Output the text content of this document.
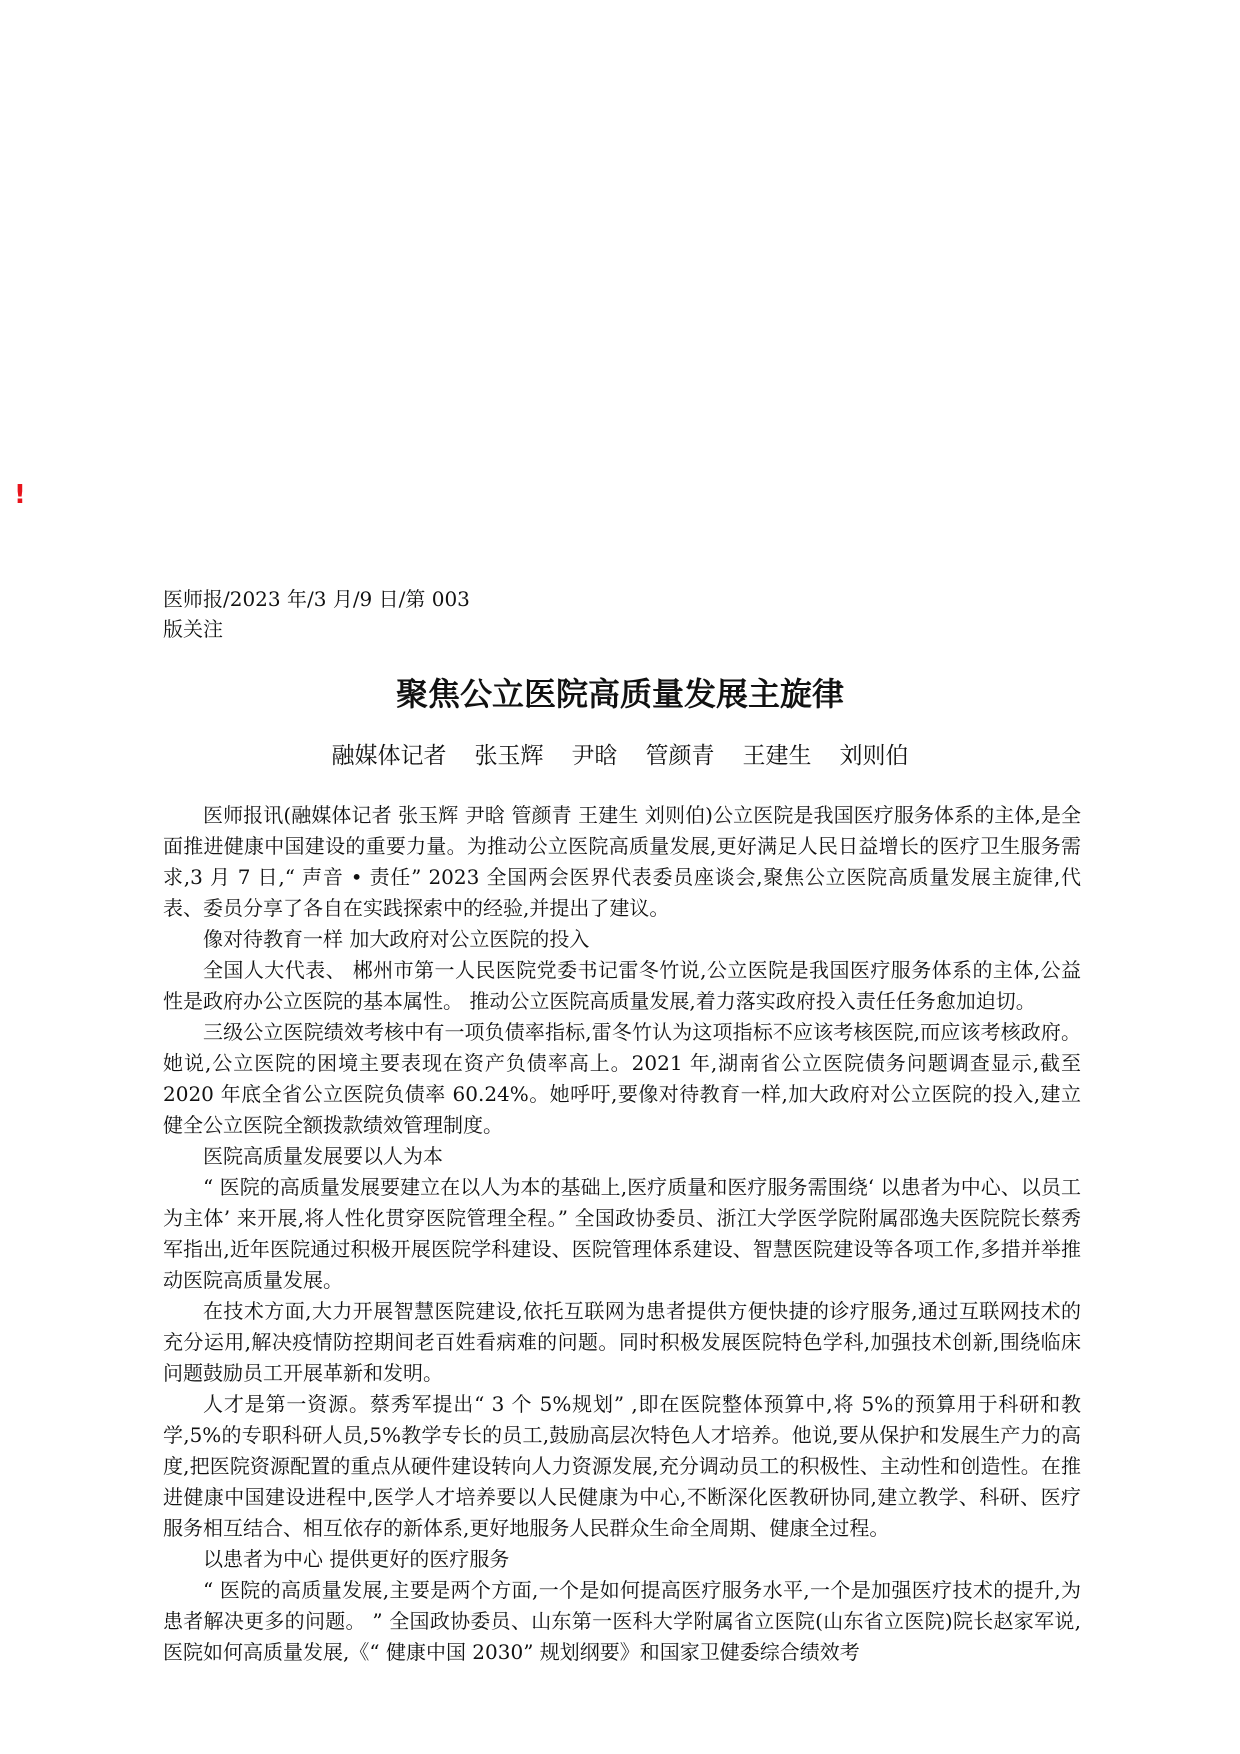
!
医师报/2023 年/3 月/9 日/第 003
版关注
聚焦公立医院高质量发展主旋律
融媒体记者 张玉辉 尹晗 管颜青 王建生 刘则伯

医师报讯(融媒体记者 张玉辉 尹晗 管颜青 王建生 刘则伯)公立医院是我国医疗服务体系的主体,是全面推进健康中国建设的重要力量。为推动公立医院高质量发展,更好满足人民日益增长的医疗卫生服务需求,3 月 7 日,“ 声音 • 责任” 2023 全国两会医界代表委员座谈会,聚焦公立医院高质量发展主旋律,代表、委员分享了各自在实践探索中的经验,并提出了建议。

像对待教育一样 加大政府对公立医院的投入

全国人大代表、 郴州市第一人民医院党委书记雷冬竹说,公立医院是我国医疗服务体系的主体,公益性是政府办公立医院的基本属性。 推动公立医院高质量发展,着力落实政府投入责任任务愈加迫切。

三级公立医院绩效考核中有一项负债率指标,雷冬竹认为这项指标不应该考核医院,而应该考核政府。她说,公立医院的困境主要表现在资产负债率高上。2021 年,湖南省公立医院债务问题调查显示,截至 2020 年底全省公立医院负债率 60.24%。她呼吁,要像对待教育一样,加大政府对公立医院的投入,建立健全公立医院全额拨款绩效管理制度。

医院高质量发展要以人为本

“ 医院的高质量发展要建立在以人为本的基础上,医疗质量和医疗服务需围绕‘ 以患者为中心、以员工为主体’ 来开展,将人性化贯穿医院管理全程。” 全国政协委员、浙江大学医学院附属邵逸夫医院院长蔡秀军指出,近年医院通过积极开展医院学科建设、医院管理体系建设、智慧医院建设等各项工作,多措并举推动医院高质量发展。

在技术方面,大力开展智慧医院建设,依托互联网为患者提供方便快捷的诊疗服务,通过互联网技术的充分运用,解决疫情防控期间老百姓看病难的问题。同时积极发展医院特色学科,加强技术创新,围绕临床问题鼓励员工开展革新和发明。

人才是第一资源。蔡秀军提出“ 3 个 5%规划” ,即在医院整体预算中,将 5%的预算用于科研和教学,5%的专职科研人员,5%教学专长的员工,鼓励高层次特色人才培养。他说,要从保护和发展生产力的高度,把医院资源配置的重点从硬件建设转向人力资源发展,充分调动员工的积极性、主动性和创造性。在推进健康中国建设进程中,医学人才培养要以人民健康为中心,不断深化医教研协同,建立教学、科研、医疗服务相互结合、相互依存的新体系,更好地服务人民群众生命全周期、健康全过程。

以患者为中心 提供更好的医疗服务

“ 医院的高质量发展,主要是两个方面,一个是如何提高医疗服务水平,一个是加强医疗技术的提升,为患者解决更多的问题。 ” 全国政协委员、山东第一医科大学附属省立医院(山东省立医院)院长赵家军说,医院如何高质量发展,《“ 健康中国 2030” 规划纲要》和国家卫健委综合绩效考
